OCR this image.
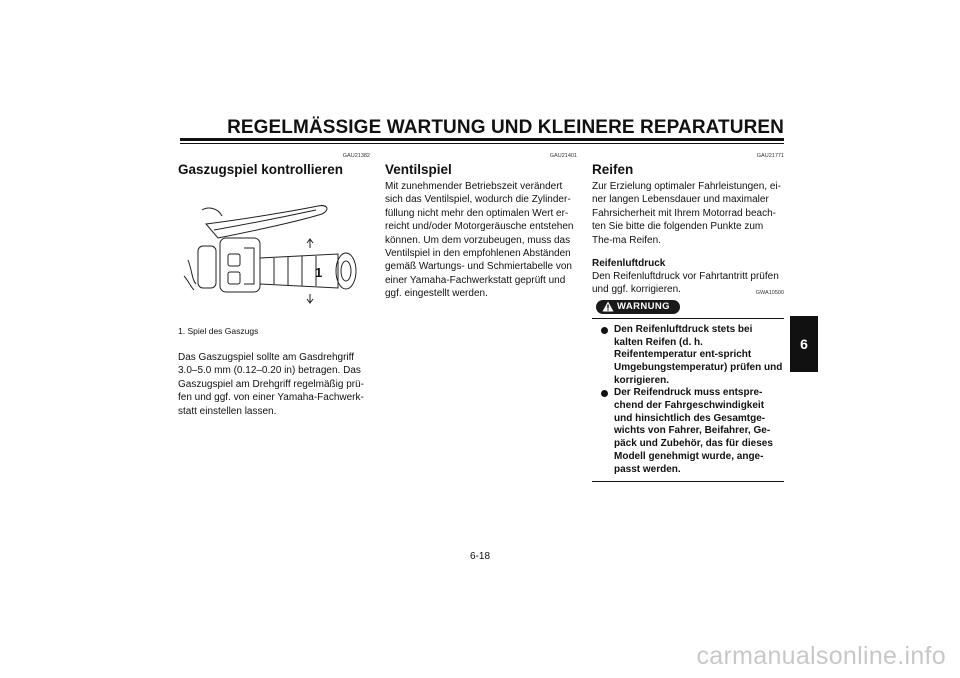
REGELMÄSSIGE WARTUNG UND KLEINERE REPARATUREN
GAU21382
Gaszugspiel kontrollieren
1
1. Spiel des Gaszugs

Das Gaszugspiel sollte am Gasdrehgriff 3.0–5.0 mm (0.12–0.20 in) betragen. Das Gaszugspiel am Drehgriff regelmäßig prü-fen und ggf. von einer Yamaha-Fachwerk-statt einstellen lassen.

GAU21401
Ventilspiel

Mit zunehmender Betriebszeit verändert sich das Ventilspiel, wodurch die Zylinder-füllung nicht mehr den optimalen Wert er-reicht und/oder Motorgeräusche entstehen können. Um dem vorzubeugen, muss das Ventilspiel in den empfohlenen Abständen gemäß Wartungs- und Schmiertabelle von einer Yamaha-Fachwerkstatt geprüft und ggf. eingestellt werden.

GAU21771
Reifen

Zur Erzielung optimaler Fahrleistungen, ei-ner langen Lebensdauer und maximaler Fahrsicherheit mit Ihrem Motorrad beach-ten Sie bitte die folgenden Punkte zum The-ma Reifen.

Reifenluftdruck

Den Reifenluftdruck vor Fahrtantritt prüfen und ggf. korrigieren.	GWA10500
WARNUNG
Den Reifenluftdruck stets bei kalten Reifen (d. h. Reifentemperatur ent-spricht Umgebungstemperatur) prüfen und korrigieren.
Der Reifendruck muss entspre-chend der Fahrgeschwindigkeit und hinsichtlich des Gesamtge-wichts von Fahrer, Beifahrer, Ge-päck und Zubehör, das für dieses Modell genehmigt wurde, ange-passt werden.
6
6-18
carmanualsonline.info
